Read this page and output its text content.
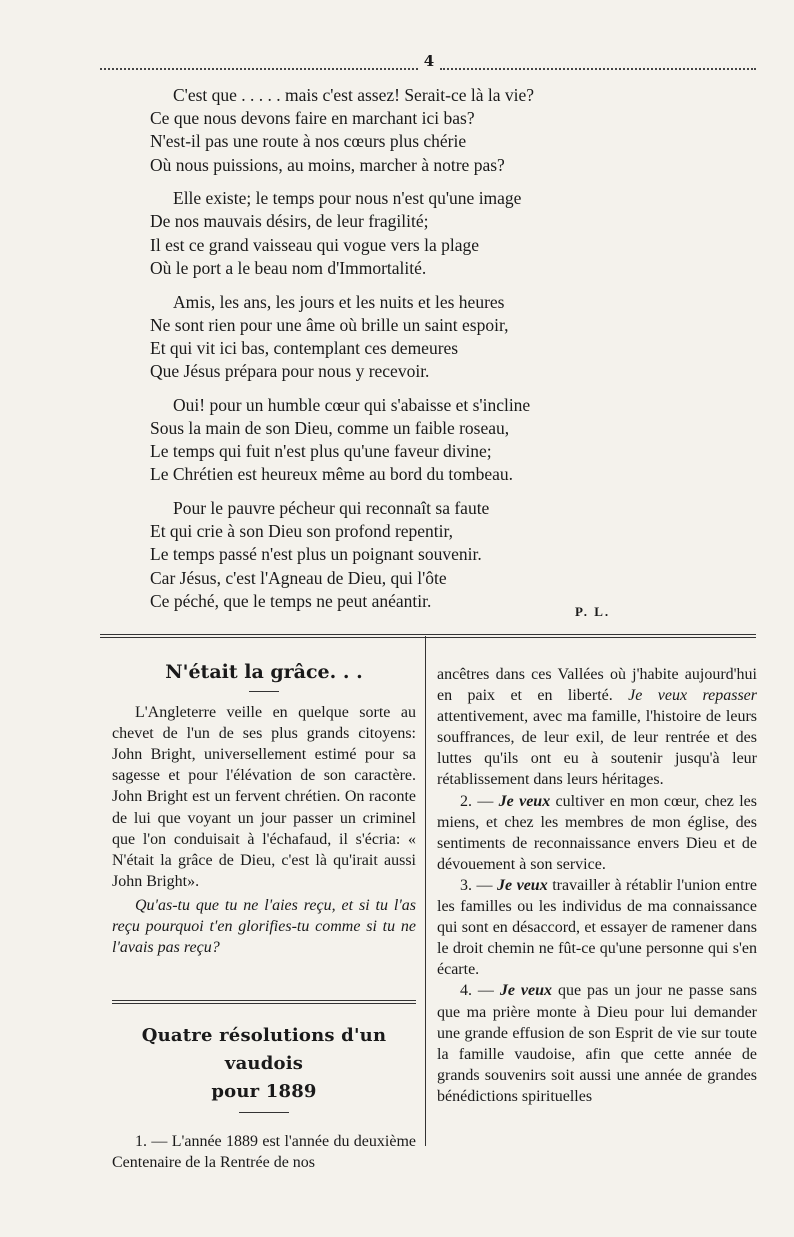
4
C'est que . . . . . mais c'est assez! Serait-ce là la vie?
Ce que nous devons faire en marchant ici bas?
N'est-il pas une route à nos cœurs plus chérie
Où nous puissions, au moins, marcher à notre pas?
Elle existe; le temps pour nous n'est qu'une image
De nos mauvais désirs, de leur fragilité;
Il est ce grand vaisseau qui vogue vers la plage
Où le port a le beau nom d'Immortalité.
Amis, les ans, les jours et les nuits et les heures
Ne sont rien pour une âme où brille un saint espoir,
Et qui vit ici bas, contemplant ces demeures
Que Jésus prépara pour nous y recevoir.
Oui! pour un humble cœur qui s'abaisse et s'incline
Sous la main de son Dieu, comme un faible roseau,
Le temps qui fuit n'est plus qu'une faveur divine;
Le Chrétien est heureux même au bord du tombeau.
Pour le pauvre pécheur qui reconnaît sa faute
Et qui crie à son Dieu son profond repentir,
Le temps passé n'est plus un poignant souvenir.
Car Jésus, c'est l'Agneau de Dieu, qui l'ôte
Ce péché, que le temps ne peut anéantir.
P. L.
N'était la grâce. . .

L'Angleterre veille en quelque sorte au chevet de l'un de ses plus grands citoyens: John Bright, universellement estimé pour sa sagesse et pour l'élévation de son caractère. John Bright est un fervent chrétien. On raconte de lui que voyant un jour passer un criminel que l'on conduisait à l'échafaud, il s'écria: « N'était la grâce de Dieu, c'est là qu'irait aussi John Bright».

Qu'as-tu que tu ne l'aies reçu, et si tu l'as reçu pourquoi t'en glorifies-tu comme si tu ne l'avais pas reçu?

Quatre résolutions d'un vaudois
pour 1889

1. — L'année 1889 est l'année du deuxième Centenaire de la Rentrée de nos

ancêtres dans ces Vallées où j'habite aujourd'hui en paix et en liberté. Je veux repasser attentivement, avec ma famille, l'histoire de leurs souffrances, de leur exil, de leur rentrée et des luttes qu'ils ont eu à soutenir jusqu'à leur rétablissement dans leurs héritages.

2. — Je veux cultiver en mon cœur, chez les miens, et chez les membres de mon église, des sentiments de reconnaissance envers Dieu et de dévouement à son service.

3. — Je veux travailler à rétablir l'union entre les familles ou les individus de ma connaissance qui sont en désaccord, et essayer de ramener dans le droit chemin ne fût-ce qu'une personne qui s'en écarte.

4. — Je veux que pas un jour ne passe sans que ma prière monte à Dieu pour lui demander une grande effusion de son Esprit de vie sur toute la famille vaudoise, afin que cette année de grands souvenirs soit aussi une année de grandes bénédictions spirituelles
